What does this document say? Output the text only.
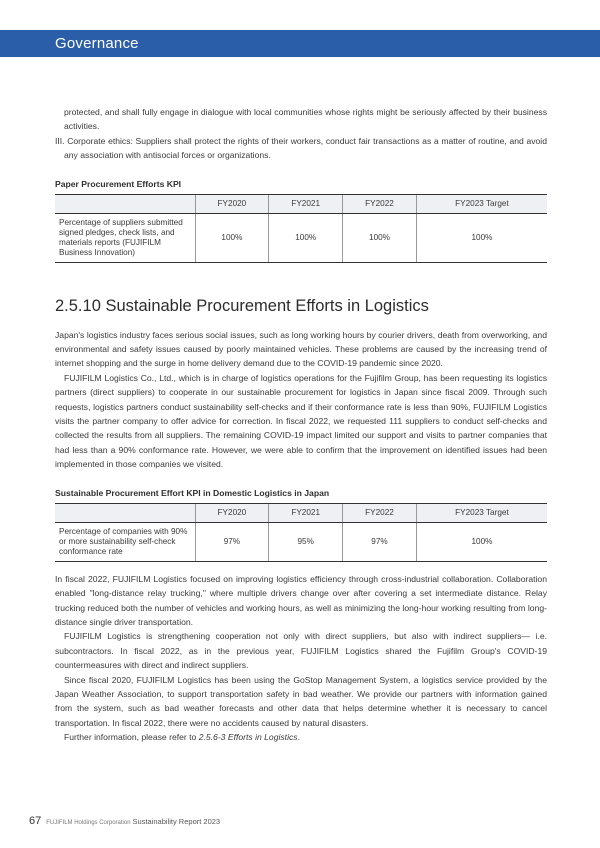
Governance

protected, and shall fully engage in dialogue with local communities whose rights might be seriously affected by their business activities.

III. Corporate ethics: Suppliers shall protect the rights of their workers, conduct fair transactions as a matter of routine, and avoid any association with antisocial forces or organizations.

Paper Procurement Efforts KPI
	FY2020	FY2021	FY2022	FY2023 Target
Percentage of suppliers submitted signed pledges, check lists, and materials reports (FUJIFILM Business Innovation)	100%	100%	100%	100%
2.5.10 Sustainable Procurement Efforts in Logistics

Japan's logistics industry faces serious social issues, such as long working hours by courier drivers, death from overworking, and environmental and safety issues caused by poorly maintained vehicles. These problems are caused by the increasing trend of internet shopping and the surge in home delivery demand due to the COVID-19 pandemic since 2020.

FUJIFILM Logistics Co., Ltd., which is in charge of logistics operations for the Fujifilm Group, has been requesting its logistics partners (direct suppliers) to cooperate in our sustainable procurement for logistics in Japan since fiscal 2009. Through such requests, logistics partners conduct sustainability self-checks and if their conformance rate is less than 90%, FUJIFILM Logistics visits the partner company to offer advice for correction. In fiscal 2022, we requested 111 suppliers to conduct self-checks and collected the results from all suppliers. The remaining COVID-19 impact limited our support and visits to partner companies that had less than a 90% conformance rate. However, we were able to confirm that the improvement on identified issues had been implemented in those companies we visited.

Sustainable Procurement Effort KPI in Domestic Logistics in Japan
	FY2020	FY2021	FY2022	FY2023 Target
Percentage of companies with 90% or more sustainability self-check conformance rate	97%	95%	97%	100%

In fiscal 2022, FUJIFILM Logistics focused on improving logistics efficiency through cross-industrial collaboration. Collaboration enabled "long-distance relay trucking," where multiple drivers change over after covering a set intermediate distance. Relay trucking reduced both the number of vehicles and working hours, as well as minimizing the long-hour working resulting from long-distance single driver transportation.

FUJIFILM Logistics is strengthening cooperation not only with direct suppliers, but also with indirect suppliers— i.e. subcontractors. In fiscal 2022, as in the previous year, FUJIFILM Logistics shared the Fujifilm Group's COVID-19 countermeasures with direct and indirect suppliers.

Since fiscal 2020, FUJIFILM Logistics has been using the GoStop Management System, a logistics service provided by the Japan Weather Association, to support transportation safety in bad weather. We provide our partners with information gained from the system, such as bad weather forecasts and other data that helps determine whether it is necessary to cancel transportation. In fiscal 2022, there were no accidents caused by natural disasters.

Further information, please refer to 2.5.6-3 Efforts in Logistics.

67 FUJIFILM Holdings Corporation Sustainability Report 2023
